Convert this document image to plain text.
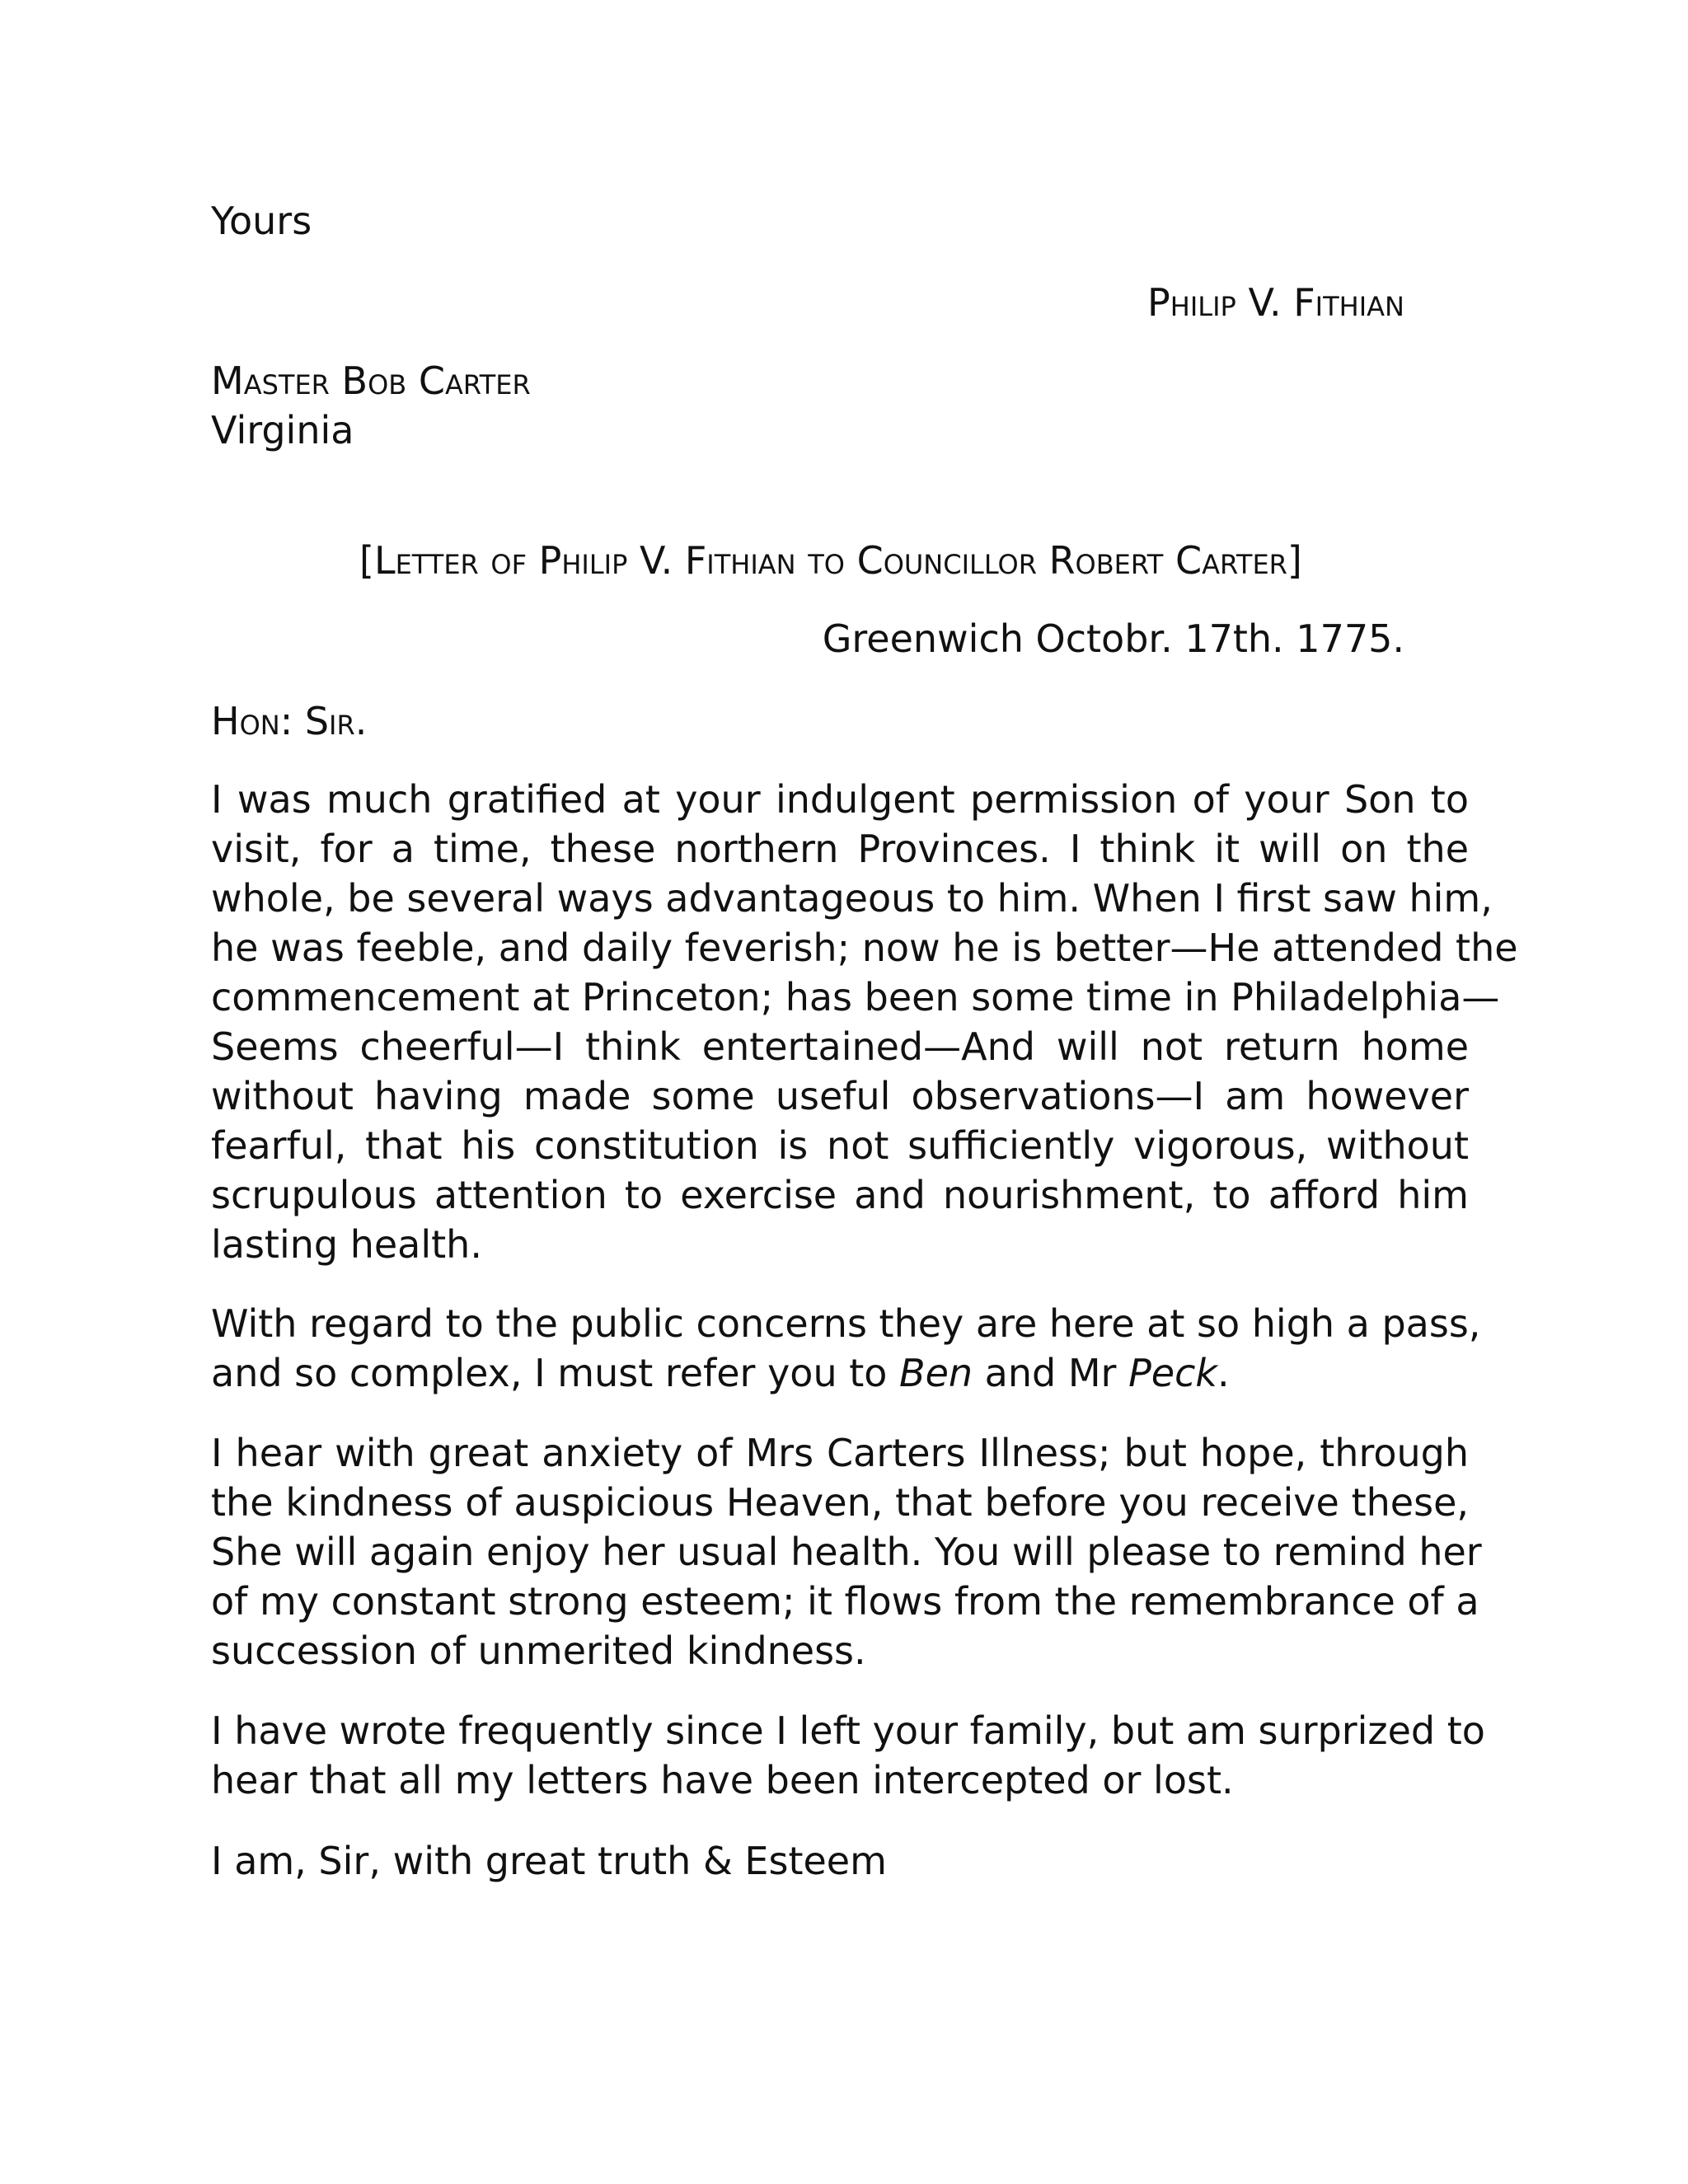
Yours

Philip V. Fithian

Master Bob Carter

Virginia

[Letter of Philip V. Fithian to Councillor Robert Carter]

Greenwich Octobr. 17th. 1775.

Hon: Sir.

I was much gratified at your indulgent permission of your Son to
visit, for a time, these northern Provinces. I think it will on the
whole, be several ways advantageous to him. When I first saw him,
he was feeble, and daily feverish; now he is better—He attended the
commencement at Princeton; has been some time in Philadelphia—
Seems cheerful—I think entertained—And will not return home
without having made some useful observations—I am however
fearful, that his constitution is not sufficiently vigorous, without
scrupulous attention to exercise and nourishment, to afford him
lasting health.
With regard to the public concerns they are here at so high a pass,
and so complex, I must refer you to Ben and Mr Peck.
I hear with great anxiety of Mrs Carters Illness; but hope, through
the kindness of auspicious Heaven, that before you receive these,
She will again enjoy her usual health. You will please to remind her
of my constant strong esteem; it flows from the remembrance of a
succession of unmerited kindness.
I have wrote frequently since I left your family, but am surprized to
hear that all my letters have been intercepted or lost.

I am, Sir, with great truth & Esteem
